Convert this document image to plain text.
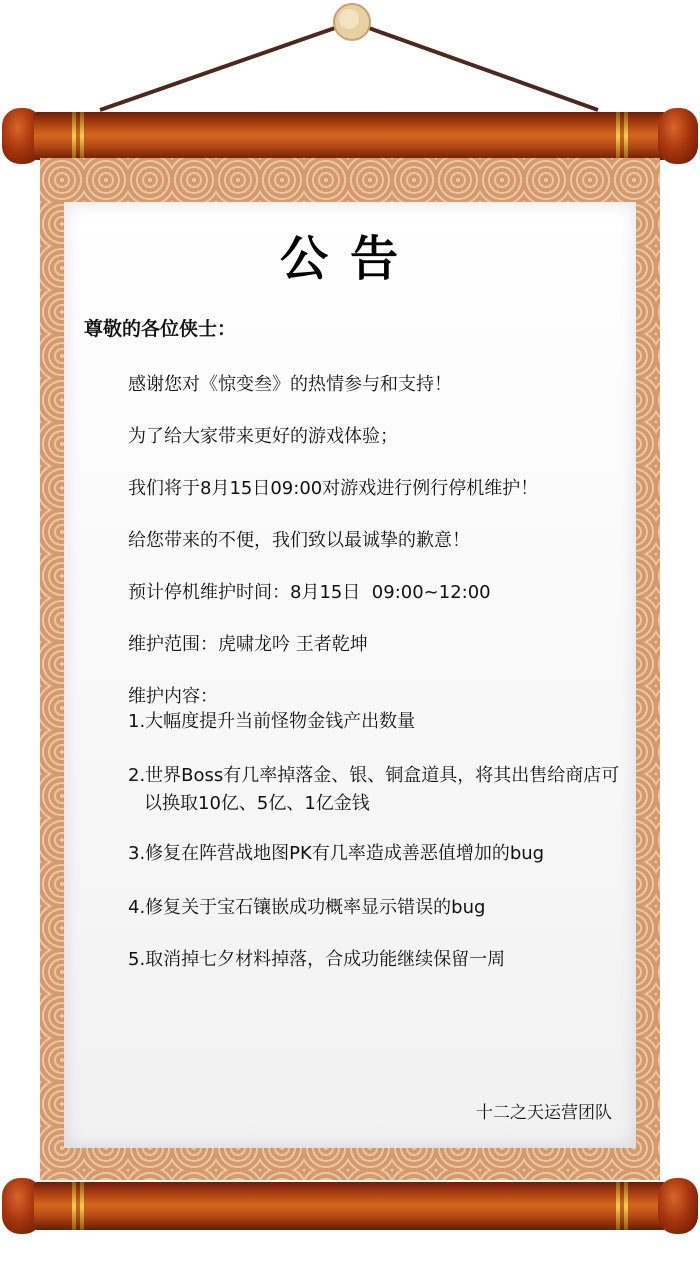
公告
尊敬的各位侠士：
感谢您对《惊变叁》的热情参与和支持！
为了给大家带来更好的游戏体验；
我们将于8月15日09:00对游戏进行例行停机维护！
给您带来的不便，我们致以最诚挚的歉意！
预计停机维护时间：8月15日  09:00~12:00
维护范围：虎啸龙吟 王者乾坤
维护内容：
1.大幅度提升当前怪物金钱产出数量
2.世界Boss有几率掉落金、银、铜盒道具，将其出售给商店可以换取10亿、5亿、1亿金钱
3.修复在阵营战地图PK有几率造成善恶值增加的bug
4.修复关于宝石镶嵌成功概率显示错误的bug
5.取消掉七夕材料掉落，合成功能继续保留一周
十二之天运营团队
